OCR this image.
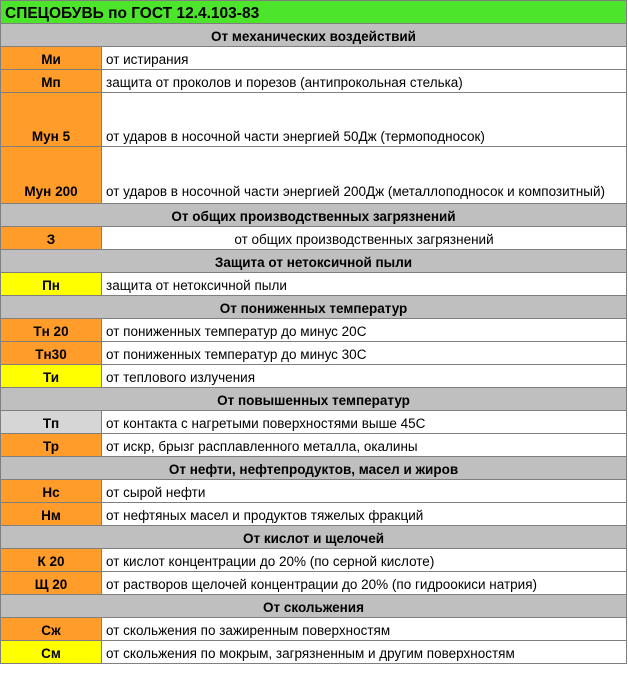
СПЕЦОБУВЬ по ГОСТ 12.4.103-83	
От механических воздействий	
Ми	от истирания
Мп	защита от проколов и порезов (антипрокольная стелька)
Мун 5	от ударов в носочной части энергией 50Дж (термоподносок)
Мун 200	от ударов в носочной части энергией 200Дж (металлоподносок и композитный)
От общих производственных загрязнений	
З	от общих производственных загрязнений
Защита от нетоксичной пыли	
Пн	защита от нетоксичной пыли
От пониженных температур	
Тн 20	от пониженных температур до минус 20С
Тн30	от пониженных температур до минус 30С
Ти	от теплового излучения
От повышенных температур	
Тп	от контакта с нагретыми поверхностями выше 45С
Тр	от искр, брызг расплавленного металла, окалины
От нефти, нефтепродуктов, масел и жиров	
Нс	от сырой нефти
Нм	от нефтяных масел и продуктов тяжелых фракций
От кислот и щелочей	
К 20	от кислот концентрации до 20% (по серной кислоте)
Щ 20	от растворов щелочей концентрации до 20% (по гидроокиси натрия)
От скольжения	
Сж	от скольжения по зажиренным поверхностям
См	от скольжения по мокрым, загрязненным и другим поверхностям
